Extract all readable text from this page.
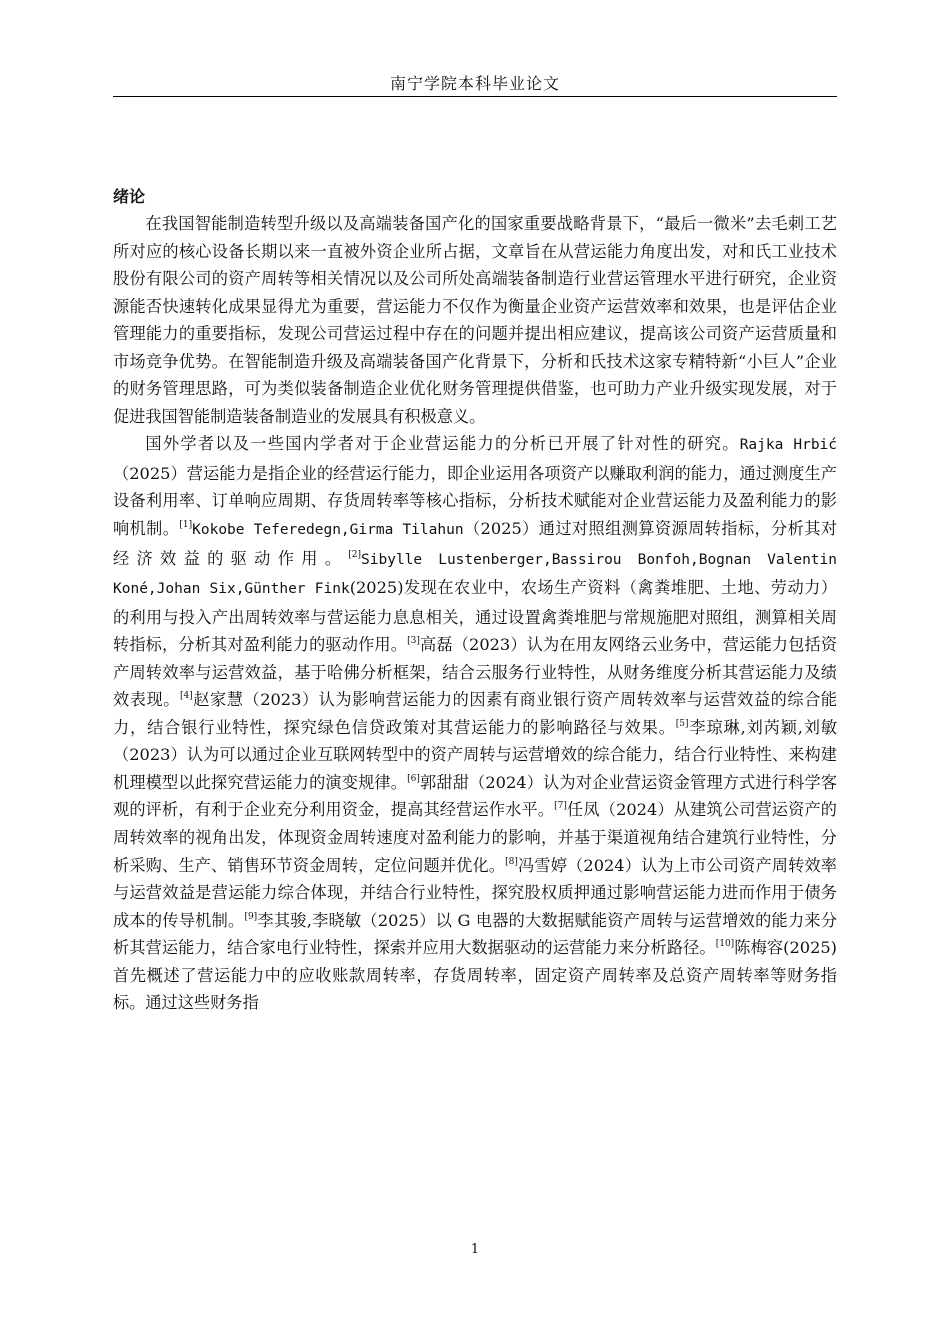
南宁学院本科毕业论文
绪论

在我国智能制造转型升级以及高端装备国产化的国家重要战略背景下，“最后一微米”去毛刺工艺所对应的核心设备长期以来一直被外资企业所占据，文章旨在从营运能力角度出发，对和氏工业技术股份有限公司的资产周转等相关情况以及公司所处高端装备制造行业营运管理水平进行研究，企业资源能否快速转化成果显得尤为重要，营运能力不仅作为衡量企业资产运营效率和效果，也是评估企业管理能力的重要指标，发现公司营运过程中存在的问题并提出相应建议，提高该公司资产运营质量和市场竞争优势。在智能制造升级及高端装备国产化背景下，分析和氏技术这家专精特新“小巨人”企业的财务管理思路，可为类似装备制造企业优化财务管理提供借鉴，也可助力产业升级实现发展，对于促进我国智能制造装备制造业的发展具有积极意义。

国外学者以及一些国内学者对于企业营运能力的分析已开展了针对性的研究。Rajka Hrbić（2025）营运能力是指企业的经营运行能力，即企业运用各项资产以赚取利润的能力，通过测度生产设备利用率、订单响应周期、存货周转率等核心指标，分析技术赋能对企业营运能力及盈利能力的影响机制。[1]Kokobe Teferedegn,Girma Tilahun（2025）通过对照组测算资源周转指标，分析其对经济效益的驱动作用。[2]Sibylle Lustenberger,Bassirou Bonfoh,Bognan Valentin Koné,Johan Six,Günther Fink(2025)发现在农业中，农场生产资料（禽粪堆肥、土地、劳动力）的利用与投入产出周转效率与营运能力息息相关，通过设置禽粪堆肥与常规施肥对照组，测算相关周转指标，分析其对盈利能力的驱动作用。[3]高磊（2023）认为在用友网络云业务中，营运能力包括资产周转效率与运营效益，基于哈佛分析框架，结合云服务行业特性，从财务维度分析其营运能力及绩效表现。[4]赵家慧（2023）认为影响营运能力的因素有商业银行资产周转效率与运营效益的综合能力，结合银行业特性，探究绿色信贷政策对其营运能力的影响路径与效果。[5]李琼琳,刘芮颖,刘敏（2023）认为可以通过企业互联网转型中的资产周转与运营增效的综合能力，结合行业特性、来构建机理模型以此探究营运能力的演变规律。[6]郭甜甜（2024）认为对企业营运资金管理方式进行科学客观的评析，有利于企业充分利用资金，提高其经营运作水平。[7]任凤（2024）从建筑公司营运资产的周转效率的视角出发，体现资金周转速度对盈利能力的影响，并基于渠道视角结合建筑行业特性，分析采购、生产、销售环节资金周转，定位问题并优化。[8]冯雪婷（2024）认为上市公司资产周转效率与运营效益是营运能力综合体现，并结合行业特性，探究股权质押通过影响营运能力进而作用于债务成本的传导机制。[9]李其骏,李晓敏（2025）以 G 电器的大数据赋能资产周转与运营增效的能力来分析其营运能力，结合家电行业特性，探索并应用大数据驱动的运营能力来分析路径。[10]陈梅容(2025)首先概述了营运能力中的应收账款周转率，存货周转率，固定资产周转率及总资产周转率等财务指标。通过这些财务指

1
